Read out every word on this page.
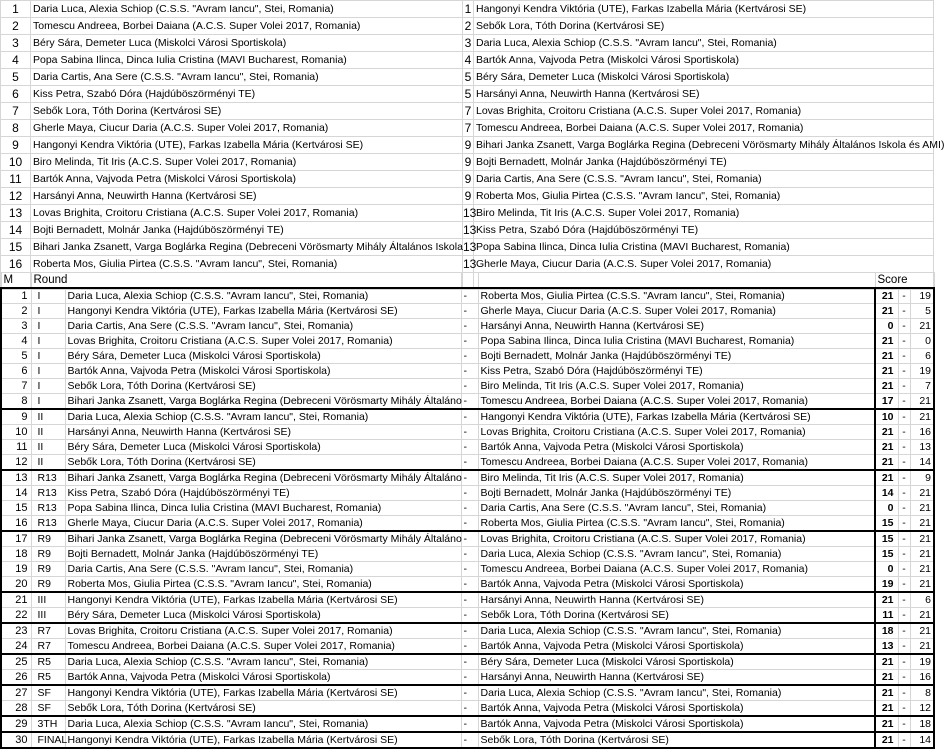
1	Daria Luca, Alexia Schiop (C.S.S. "Avram Iancu", Stei, Romania)	1	Hangonyi Kendra Viktória (UTE), Farkas Izabella Mária (Kertvárosi SE)
2	Tomescu Andreea, Borbei Daiana (A.C.S. Super Volei 2017, Romania)	2	Sebők Lora, Tóth Dorina (Kertvárosi SE)
3	Béry Sára, Demeter Luca (Miskolci Városi Sportiskola)	3	Daria Luca, Alexia Schiop (C.S.S. "Avram Iancu", Stei, Romania)
4	Popa Sabina Ilinca, Dinca Iulia Cristina (MAVI Bucharest, Romania)	4	Bartók Anna, Vajvoda Petra (Miskolci Városi Sportiskola)
5	Daria Cartis, Ana Sere (C.S.S. "Avram Iancu", Stei, Romania)	5	Béry Sára, Demeter Luca (Miskolci Városi Sportiskola)
6	Kiss Petra, Szabó Dóra (Hajdúböszörményi TE)	5	Harsányi Anna, Neuwirth Hanna (Kertvárosi SE)
7	Sebők Lora, Tóth Dorina (Kertvárosi SE)	7	Lovas Brighita, Croitoru Cristiana (A.C.S. Super Volei 2017, Romania)
8	Gherle Maya, Ciucur Daria (A.C.S. Super Volei 2017, Romania)	7	Tomescu Andreea, Borbei Daiana (A.C.S. Super Volei 2017, Romania)
9	Hangonyi Kendra Viktória (UTE), Farkas Izabella Mária (Kertvárosi SE)	9	Bihari Janka Zsanett, Varga Boglárka Regina (Debreceni Vörösmarty Mihály Általános Iskola és AMI)
10	Biro Melinda, Tit Iris (A.C.S. Super Volei 2017, Romania)	9	Bojti Bernadett, Molnár Janka (Hajdúböszörményi TE)
11	Bartók Anna, Vajvoda Petra (Miskolci Városi Sportiskola)	9	Daria Cartis, Ana Sere (C.S.S. "Avram Iancu", Stei, Romania)
12	Harsányi Anna, Neuwirth Hanna (Kertvárosi SE)	9	Roberta Mos, Giulia Pirtea (C.S.S. "Avram Iancu", Stei, Romania)
13	Lovas Brighita, Croitoru Cristiana (A.C.S. Super Volei 2017, Romania)	13	Biro Melinda, Tit Iris (A.C.S. Super Volei 2017, Romania)
14	Bojti Bernadett, Molnár Janka (Hajdúböszörményi TE)	13	Kiss Petra, Szabó Dóra (Hajdúböszörményi TE)
15	Bihari Janka Zsanett, Varga Boglárka Regina (Debreceni Vörösmarty Mihály Általános Iskola	13	Popa Sabina Ilinca, Dinca Iulia Cristina (MAVI Bucharest, Romania)
16	Roberta Mos, Giulia Pirtea (C.S.S. "Avram Iancu", Stei, Romania)	13	Gherle Maya, Ciucur Daria (A.C.S. Super Volei 2017, Romania)

M	Round				Score		
1	I	Daria Luca, Alexia Schiop (C.S.S. "Avram Iancu", Stei, Romania)	-	Roberta Mos, Giulia Pirtea (C.S.S. "Avram Iancu", Stei, Romania)	21	-	19
2	I	Hangonyi Kendra Viktória (UTE), Farkas Izabella Mária (Kertvárosi SE)	-	Gherle Maya, Ciucur Daria (A.C.S. Super Volei 2017, Romania)	21	-	5
3	I	Daria Cartis, Ana Sere (C.S.S. "Avram Iancu", Stei, Romania)	-	Harsányi Anna, Neuwirth Hanna (Kertvárosi SE)	0	-	21
4	I	Lovas Brighita, Croitoru Cristiana (A.C.S. Super Volei 2017, Romania)	-	Popa Sabina Ilinca, Dinca Iulia Cristina (MAVI Bucharest, Romania)	21	-	0
5	I	Béry Sára, Demeter Luca (Miskolci Városi Sportiskola)	-	Bojti Bernadett, Molnár Janka (Hajdúböszörményi TE)	21	-	6
6	I	Bartók Anna, Vajvoda Petra (Miskolci Városi Sportiskola)	-	Kiss Petra, Szabó Dóra (Hajdúböszörményi TE)	21	-	19
7	I	Sebők Lora, Tóth Dorina (Kertvárosi SE)	-	Biro Melinda, Tit Iris (A.C.S. Super Volei 2017, Romania)	21	-	7
8	I	Bihari Janka Zsanett, Varga Boglárka Regina (Debreceni Vörösmarty Mihály Általáno	-	Tomescu Andreea, Borbei Daiana (A.C.S. Super Volei 2017, Romania)	17	-	21
9	II	Daria Luca, Alexia Schiop (C.S.S. "Avram Iancu", Stei, Romania)	-	Hangonyi Kendra Viktória (UTE), Farkas Izabella Mária (Kertvárosi SE)	10	-	21
10	II	Harsányi Anna, Neuwirth Hanna (Kertvárosi SE)	-	Lovas Brighita, Croitoru Cristiana (A.C.S. Super Volei 2017, Romania)	21	-	16
11	II	Béry Sára, Demeter Luca (Miskolci Városi Sportiskola)	-	Bartók Anna, Vajvoda Petra (Miskolci Városi Sportiskola)	21	-	13
12	II	Sebők Lora, Tóth Dorina (Kertvárosi SE)	-	Tomescu Andreea, Borbei Daiana (A.C.S. Super Volei 2017, Romania)	21	-	14
13	R13	Bihari Janka Zsanett, Varga Boglárka Regina (Debreceni Vörösmarty Mihály Általáno	-	Biro Melinda, Tit Iris (A.C.S. Super Volei 2017, Romania)	21	-	9
14	R13	Kiss Petra, Szabó Dóra (Hajdúböszörményi TE)	-	Bojti Bernadett, Molnár Janka (Hajdúböszörményi TE)	14	-	21
15	R13	Popa Sabina Ilinca, Dinca Iulia Cristina (MAVI Bucharest, Romania)	-	Daria Cartis, Ana Sere (C.S.S. "Avram Iancu", Stei, Romania)	0	-	21
16	R13	Gherle Maya, Ciucur Daria (A.C.S. Super Volei 2017, Romania)	-	Roberta Mos, Giulia Pirtea (C.S.S. "Avram Iancu", Stei, Romania)	15	-	21
17	R9	Bihari Janka Zsanett, Varga Boglárka Regina (Debreceni Vörösmarty Mihály Általáno	-	Lovas Brighita, Croitoru Cristiana (A.C.S. Super Volei 2017, Romania)	15	-	21
18	R9	Bojti Bernadett, Molnár Janka (Hajdúböszörményi TE)	-	Daria Luca, Alexia Schiop (C.S.S. "Avram Iancu", Stei, Romania)	15	-	21
19	R9	Daria Cartis, Ana Sere (C.S.S. "Avram Iancu", Stei, Romania)	-	Tomescu Andreea, Borbei Daiana (A.C.S. Super Volei 2017, Romania)	0	-	21
20	R9	Roberta Mos, Giulia Pirtea (C.S.S. "Avram Iancu", Stei, Romania)	-	Bartók Anna, Vajvoda Petra (Miskolci Városi Sportiskola)	19	-	21
21	III	Hangonyi Kendra Viktória (UTE), Farkas Izabella Mária (Kertvárosi SE)	-	Harsányi Anna, Neuwirth Hanna (Kertvárosi SE)	21	-	6
22	III	Béry Sára, Demeter Luca (Miskolci Városi Sportiskola)	-	Sebők Lora, Tóth Dorina (Kertvárosi SE)	11	-	21
23	R7	Lovas Brighita, Croitoru Cristiana (A.C.S. Super Volei 2017, Romania)	-	Daria Luca, Alexia Schiop (C.S.S. "Avram Iancu", Stei, Romania)	18	-	21
24	R7	Tomescu Andreea, Borbei Daiana (A.C.S. Super Volei 2017, Romania)	-	Bartók Anna, Vajvoda Petra (Miskolci Városi Sportiskola)	13	-	21
25	R5	Daria Luca, Alexia Schiop (C.S.S. "Avram Iancu", Stei, Romania)	-	Béry Sára, Demeter Luca (Miskolci Városi Sportiskola)	21	-	19
26	R5	Bartók Anna, Vajvoda Petra (Miskolci Városi Sportiskola)	-	Harsányi Anna, Neuwirth Hanna (Kertvárosi SE)	21	-	16
27	SF	Hangonyi Kendra Viktória (UTE), Farkas Izabella Mária (Kertvárosi SE)	-	Daria Luca, Alexia Schiop (C.S.S. "Avram Iancu", Stei, Romania)	21	-	8
28	SF	Sebők Lora, Tóth Dorina (Kertvárosi SE)	-	Bartók Anna, Vajvoda Petra (Miskolci Városi Sportiskola)	21	-	12
29	3TH	Daria Luca, Alexia Schiop (C.S.S. "Avram Iancu", Stei, Romania)	-	Bartók Anna, Vajvoda Petra (Miskolci Városi Sportiskola)	21	-	18
30	FINAL	Hangonyi Kendra Viktória (UTE), Farkas Izabella Mária (Kertvárosi SE)	-	Sebők Lora, Tóth Dorina (Kertvárosi SE)	21	-	14
